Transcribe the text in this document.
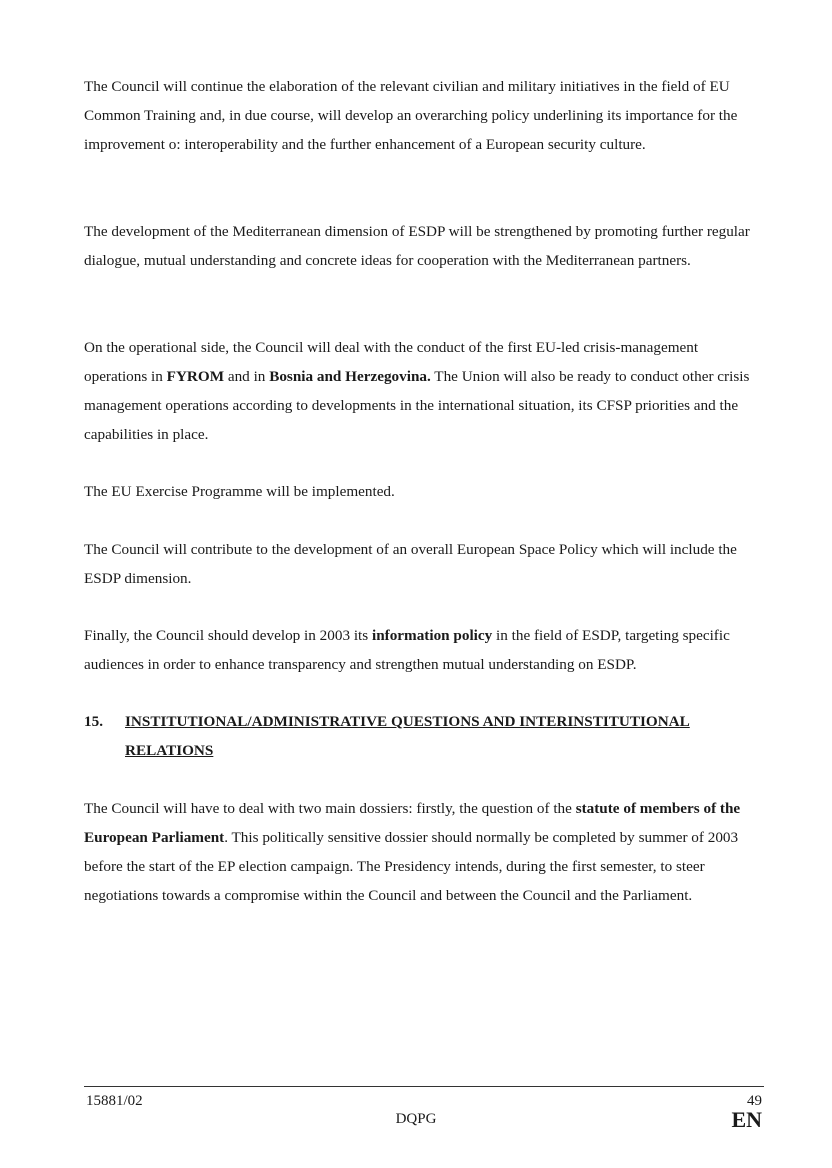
The Council will continue the elaboration of the relevant civilian and military initiatives in the field of EU Common Training and, in due course, will develop an overarching policy underlining its importance for the improvement o: interoperability and the further enhancement of a European security culture.

The development of the Mediterranean dimension of ESDP will be strengthened by promoting further regular dialogue, mutual understanding and concrete ideas for cooperation with the Mediterranean partners.

On the operational side, the Council will deal with the conduct of the first EU-led crisis-management operations in FYROM and in Bosnia and Herzegovina. The Union will also be ready to conduct other crisis management operations according to developments in the international situation, its CFSP priorities and the capabilities in place.

The EU Exercise Programme will be implemented.

The Council will contribute to the development of an overall European Space Policy which will include the ESDP dimension.

Finally, the Council should develop in 2003 its information policy in the field of ESDP, targeting specific audiences in order to enhance transparency and strengthen mutual understanding on ESDP.

15. INSTITUTIONAL/ADMINISTRATIVE QUESTIONS AND INTERINSTITUTIONAL RELATIONS

The Council will have to deal with two main dossiers: firstly, the question of the statute of members of the European Parliament. This politically sensitive dossier should normally be completed by summer of 2003 before the start of the EP election campaign. The Presidency intends, during the first semester, to steer negotiations towards a compromise within the Council and between the Council and the Parliament.

15881/02	49
DQPG	EN
